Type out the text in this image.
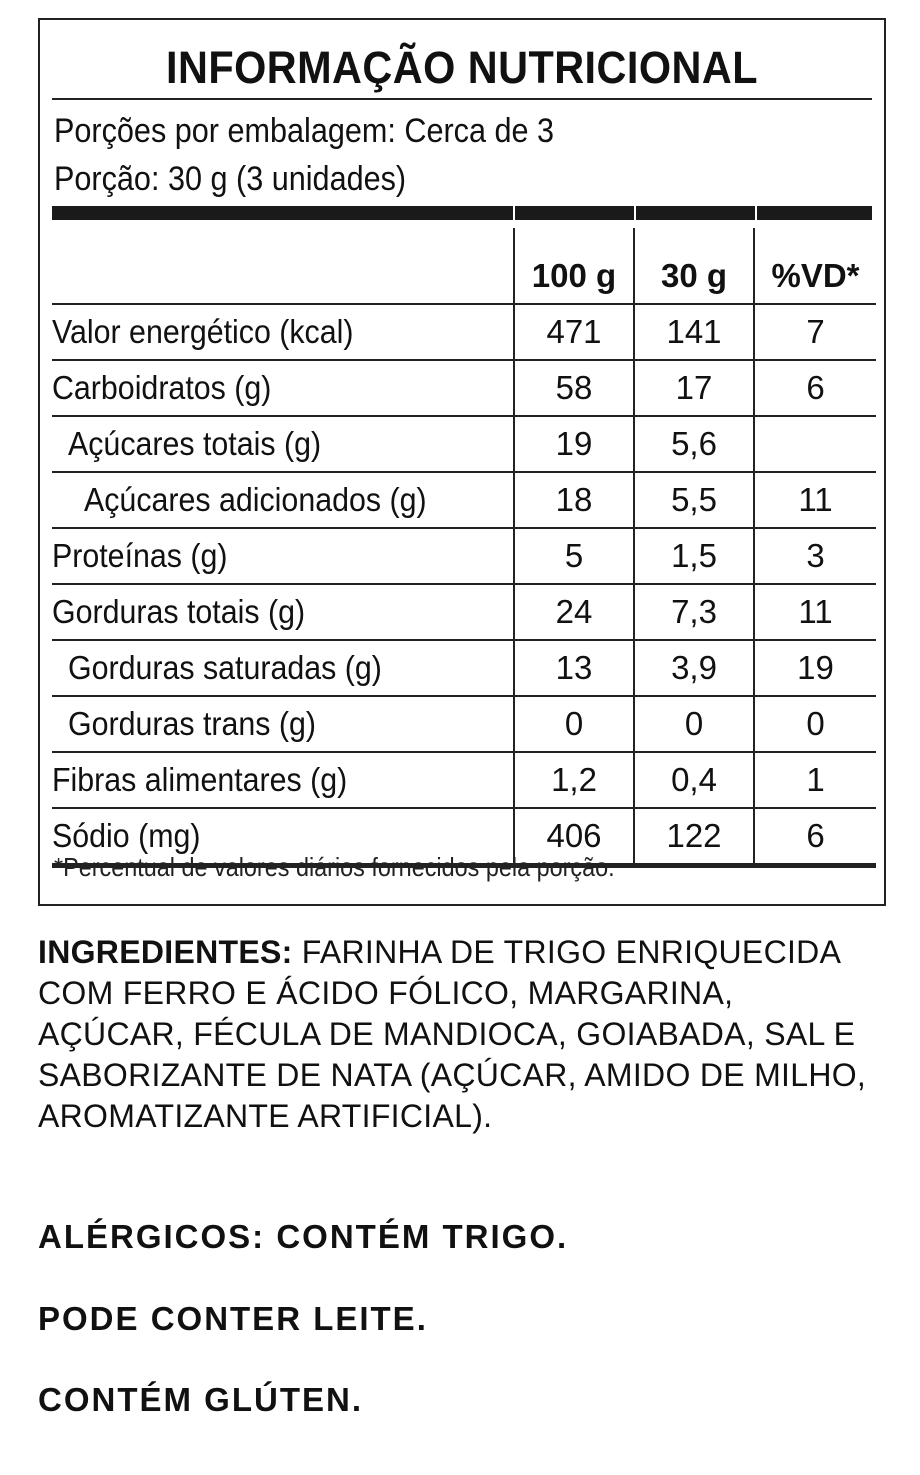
INFORMAÇÃO NUTRICIONAL
Porções por embalagem: Cerca de 3
Porção: 30 g (3 unidades)
	100 g	30 g	%VD*
Valor energético (kcal)	471	141	7
Carboidratos (g)	58	17	6
Açúcares totais (g)	19	5,6	
Açúcares adicionados (g)	18	5,5	11
Proteínas (g)	5	1,5	3
Gorduras totais (g)	24	7,3	11
Gorduras saturadas (g)	13	3,9	19
Gorduras trans (g)	0	0	0
Fibras alimentares (g)	1,2	0,4	1
Sódio (mg)	406	122	6
*Percentual de valores diários fornecidos pela porção.
INGREDIENTES: FARINHA DE TRIGO ENRIQUECIDA COM FERRO E ÁCIDO FÓLICO, MARGARINA, AÇÚCAR, FÉCULA DE MANDIOCA, GOIABADA, SAL E SABORIZANTE DE NATA (AÇÚCAR, AMIDO DE MILHO, AROMATIZANTE ARTIFICIAL).
ALÉRGICOS: CONTÉM TRIGO.
PODE CONTER LEITE.
CONTÉM GLÚTEN.
